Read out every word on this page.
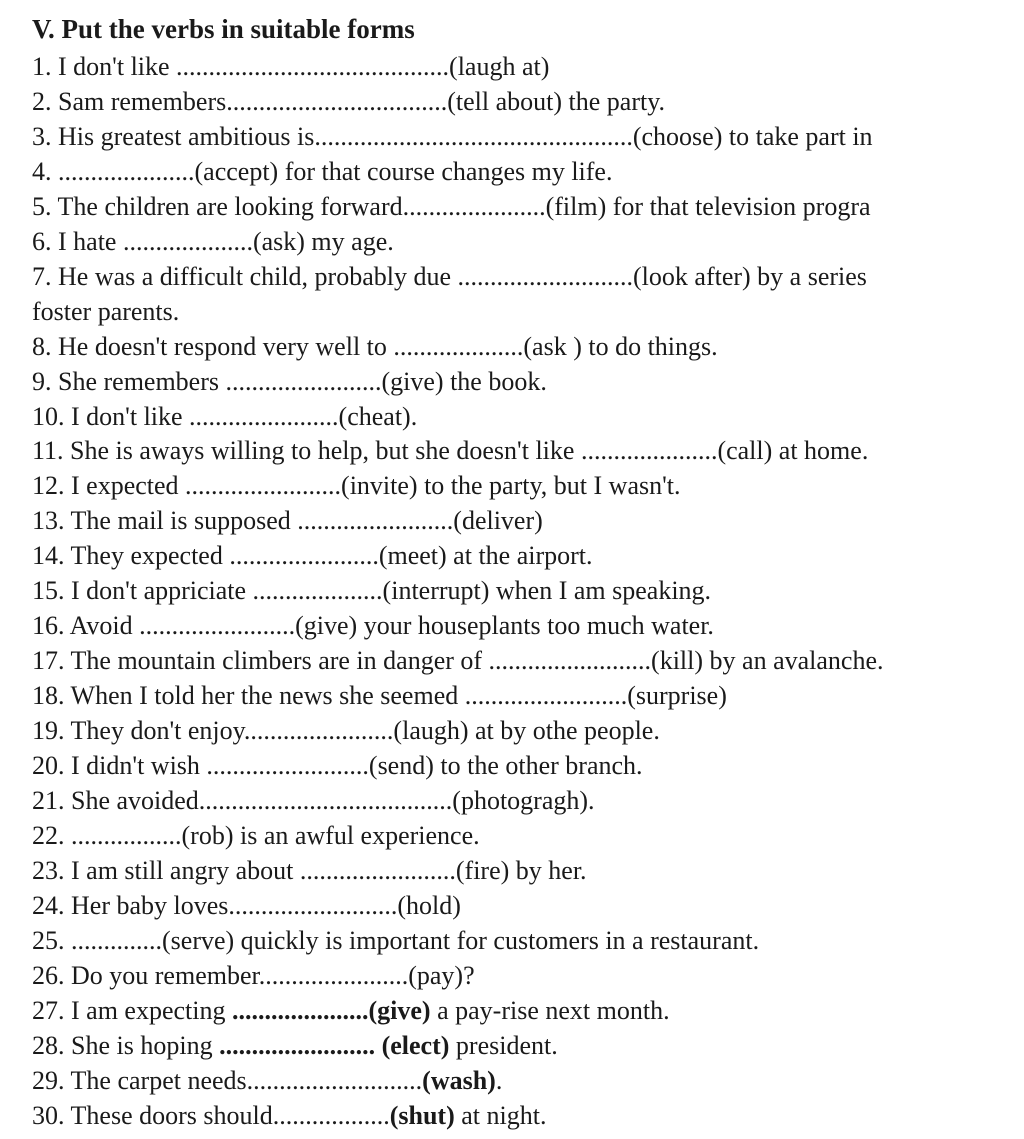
V. Put the verbs in suitable forms
1. I don't like ..........................................(laugh at)
2. Sam remembers..................................(tell about) the party.
3. His greatest ambitious is.................................................(choose) to take part in
4. .....................(accept) for that course changes my life.
5. The children are looking forward......................(film) for that television progra
6. I hate ....................(ask) my age.
7. He was a difficult child, probably due ...........................(look after) by a series
foster parents.
8. He doesn't respond very well to ....................(ask ) to do things.
9. She remembers ........................(give) the book.
10. I don't like .......................(cheat).
11. She is aways willing to help, but she doesn't like .....................(call) at home.
12. I expected ........................(invite) to the party, but I wasn't.
13. The mail is supposed ........................(deliver)
14. They expected .......................(meet) at the airport.
15. I don't appriciate ....................(interrupt) when I am speaking.
16. Avoid ........................(give) your houseplants too much water.
17. The mountain climbers are in danger of .........................(kill) by an avalanche.
18. When I told her the news she seemed .........................(surprise)
19. They don't enjoy.......................(laugh) at by othe people.
20. I didn't wish .........................(send) to the other branch.
21. She avoided.......................................(photogragh).
22. .................(rob) is an awful experience.
23. I am still angry about ........................(fire) by her.
24. Her baby loves..........................(hold)
25. ..............(serve) quickly is important for customers in a restaurant.
26. Do you remember.......................(pay)?
27. I am expecting .....................(give) a pay-rise next month.
28. She is hoping ........................ (elect) president.
29. The carpet needs...........................(wash).
30. These doors should..................(shut) at night.
